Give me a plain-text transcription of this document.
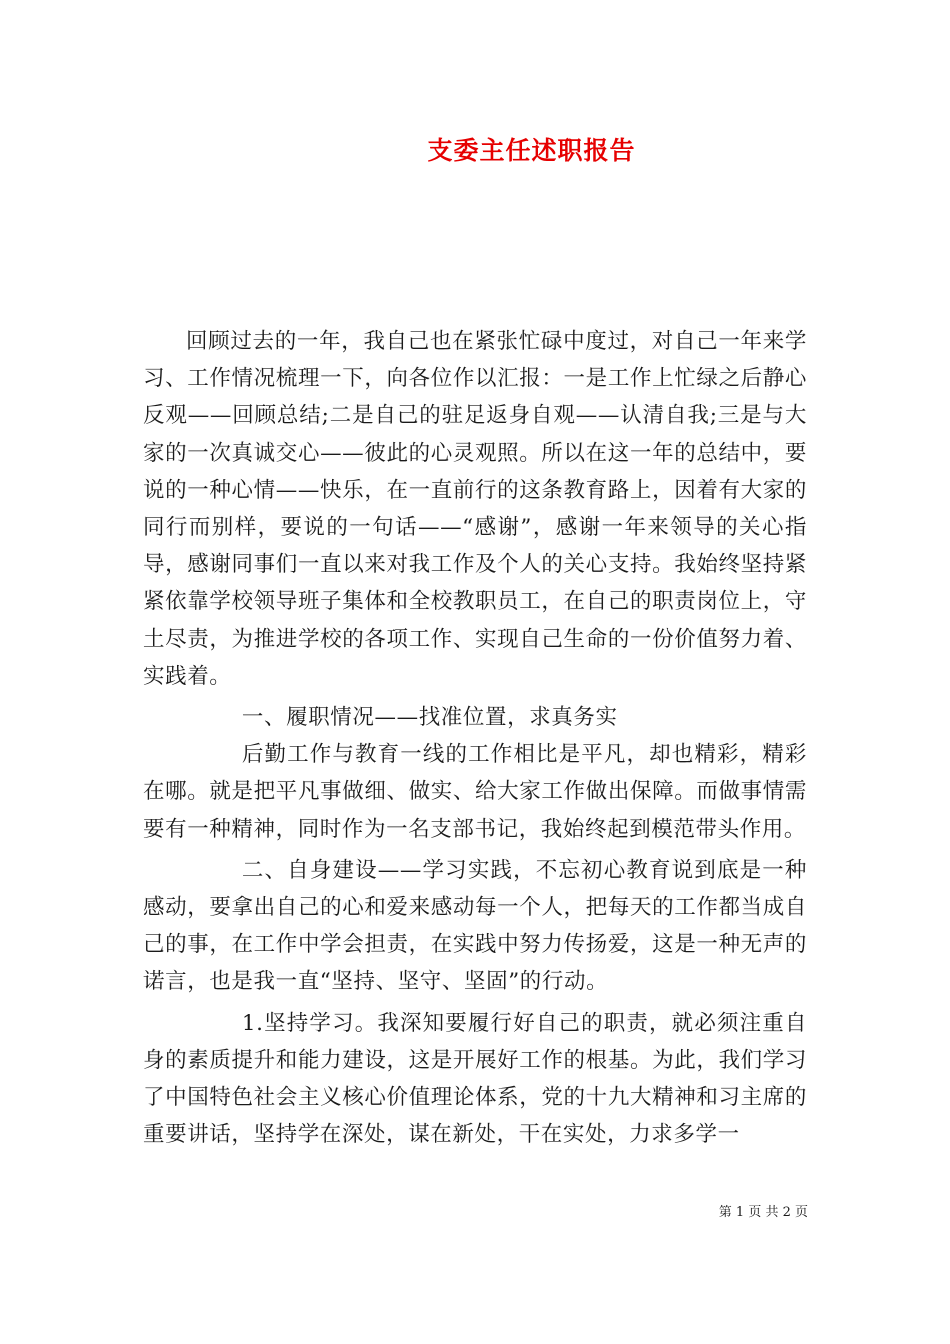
支委主任述职报告

回顾过去的一年，我自己也在紧张忙碌中度过，对自己一年来学习、工作情况梳理一下，向各位作以汇报：一是工作上忙绿之后静心反观——回顾总结;二是自己的驻足返身自观——认清自我;三是与大家的一次真诚交心——彼此的心灵观照。所以在这一年的总结中，要说的一种心情——快乐，在一直前行的这条教育路上，因着有大家的同行而别样，要说的一句话——“感谢”，感谢一年来领导的关心指导，感谢同事们一直以来对我工作及个人的关心支持。我始终坚持紧紧依靠学校领导班子集体和全校教职员工，在自己的职责岗位上，守土尽责，为推进学校的各项工作、实现自己生命的一份价值努力着、实践着。

一、履职情况——找准位置，求真务实

后勤工作与教育一线的工作相比是平凡，却也精彩，精彩在哪。就是把平凡事做细、做实、给大家工作做出保障。而做事情需要有一种精神，同时作为一名支部书记，我始终起到模范带头作用。

二、自身建设——学习实践，不忘初心教育说到底是一种感动，要拿出自己的心和爱来感动每一个人，把每天的工作都当成自己的事，在工作中学会担责，在实践中努力传扬爱，这是一种无声的诺言，也是我一直“坚持、坚守、坚固”的行动。

1.坚持学习。我深知要履行好自己的职责，就必须注重自身的素质提升和能力建设，这是开展好工作的根基。为此，我们学习了中国特色社会主义核心价值理论体系，党的十九大精神和习主席的重要讲话，坚持学在深处，谋在新处，干在实处，力求多学一

第 1 页 共 2 页
